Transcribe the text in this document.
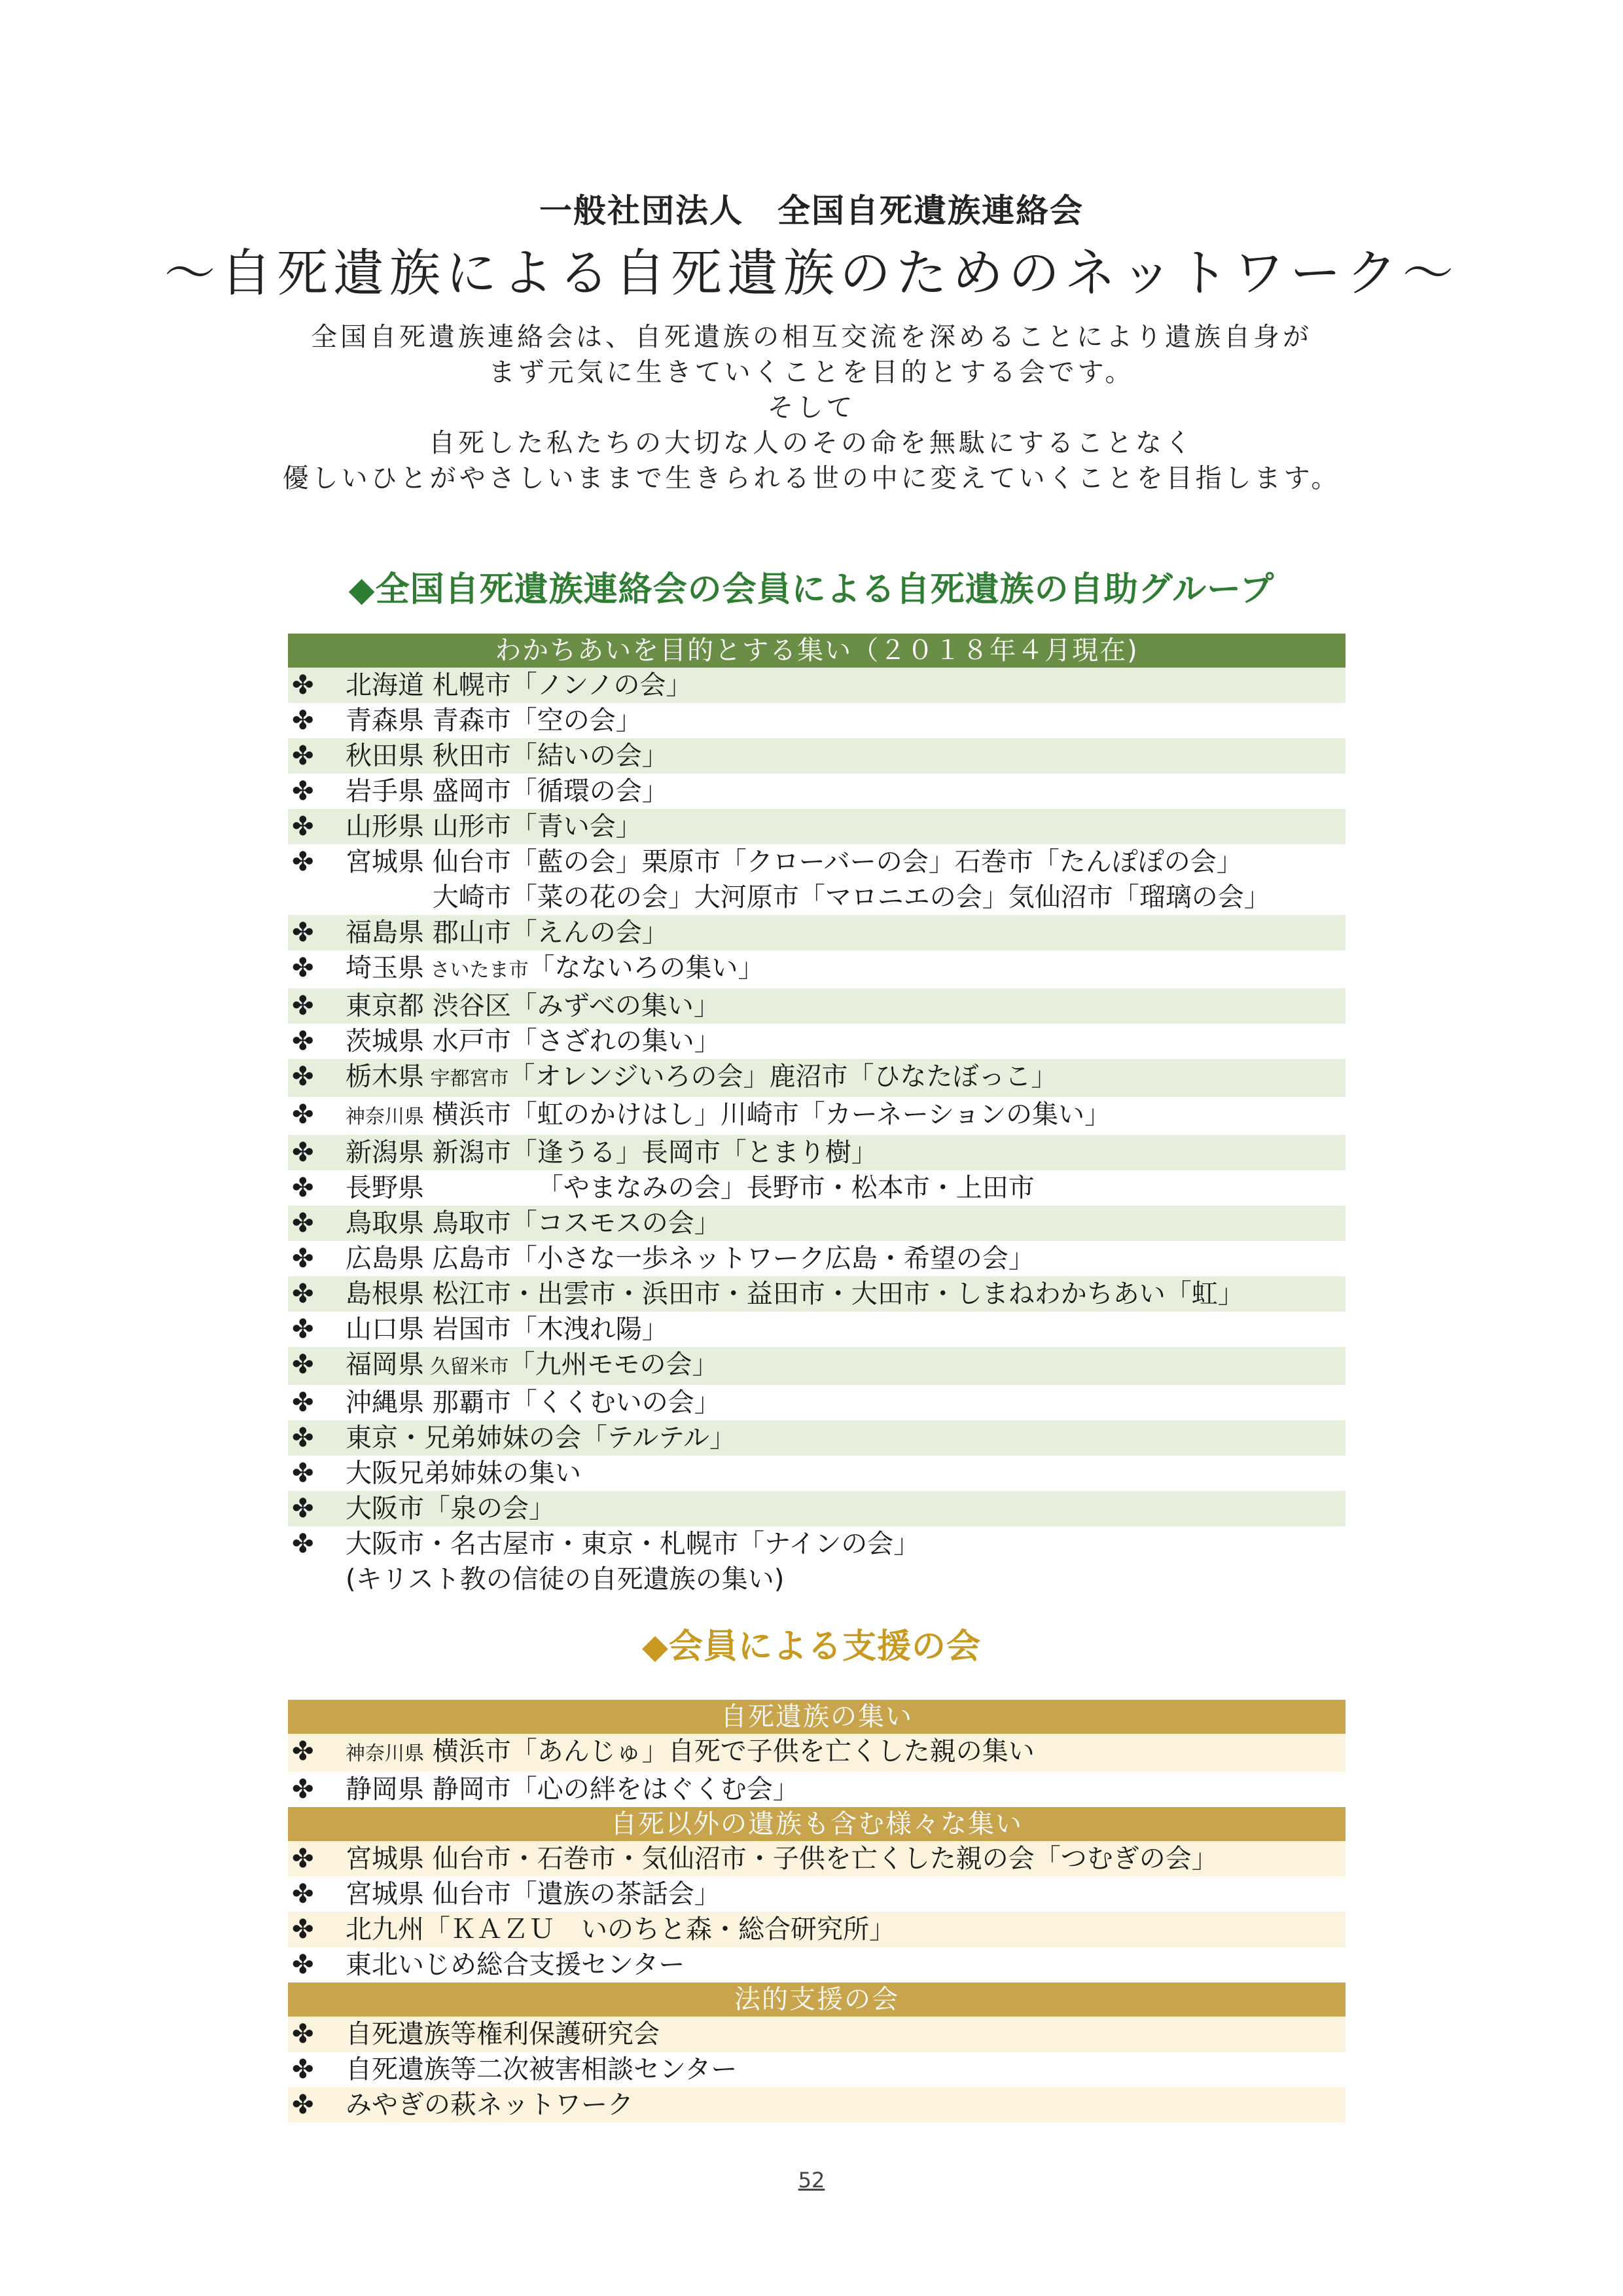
一般社団法人　全国自死遺族連絡会
〜自死遺族による自死遺族のためのネットワーク〜
全国自死遺族連絡会は、自死遺族の相互交流を深めることにより遺族自身が
まず元気に生きていくことを目的とする会です。
そして
自死した私たちの大切な人のその命を無駄にすることなく
優しいひとがやさしいままで生きられる世の中に変えていくことを目指します。
◆全国自死遺族連絡会の会員による自死遺族の自助グループ
わかちあいを目的とする集い（２０１８年４月現在)
✤	北海道 札幌市「ノンノの会」
✤	青森県 青森市「空の会」
✤	秋田県 秋田市「結いの会」
✤	岩手県 盛岡市「循環の会」
✤	山形県 山形市「青い会」
✤	宮城県 仙台市「藍の会」栗原市「クローバーの会」石巻市「たんぽぽの会」
　　　 大崎市「菜の花の会」大河原市「マロニエの会」気仙沼市「瑠璃の会」
✤	福島県 郡山市「えんの会」
✤	埼玉県 さいたま市「なないろの集い」
✤	東京都 渋谷区「みずべの集い」
✤	茨城県 水戸市「さざれの集い」
✤	栃木県 宇都宮市「オレンジいろの会」鹿沼市「ひなたぼっこ」
✤	神奈川県 横浜市「虹のかけはし」川崎市「カーネーションの集い」
✤	新潟県 新潟市「逢うる」長岡市「とまり樹」
✤	長野県　　　　 「やまなみの会」長野市・松本市・上田市
✤	鳥取県 鳥取市「コスモスの会」
✤	広島県 広島市「小さな一歩ネットワーク広島・希望の会」
✤	島根県 松江市・出雲市・浜田市・益田市・大田市・しまねわかちあい「虹」
✤	山口県 岩国市「木洩れ陽」
✤	福岡県 久留米市「九州モモの会」
✤	沖縄県 那覇市「くくむいの会」
✤	東京・兄弟姉妹の会「テルテル」
✤	大阪兄弟姉妹の集い
✤	大阪市「泉の会」
✤	大阪市・名古屋市・東京・札幌市「ナインの会」
(キリスト教の信徒の自死遺族の集い)
◆会員による支援の会
自死遺族の集い
✤	神奈川県 横浜市「あんじゅ」自死で子供を亡くした親の集い
✤	静岡県 静岡市「心の絆をはぐくむ会」
自死以外の遺族も含む様々な集い
✤	宮城県 仙台市・石巻市・気仙沼市・子供を亡くした親の会「つむぎの会」
✤	宮城県 仙台市「遺族の茶話会」
✤	北九州「ＫＡＺＵ　いのちと森・総合研究所」
✤	東北いじめ総合支援センター
法的支援の会
✤	自死遺族等権利保護研究会
✤	自死遺族等二次被害相談センター
✤	みやぎの萩ネットワーク
52
